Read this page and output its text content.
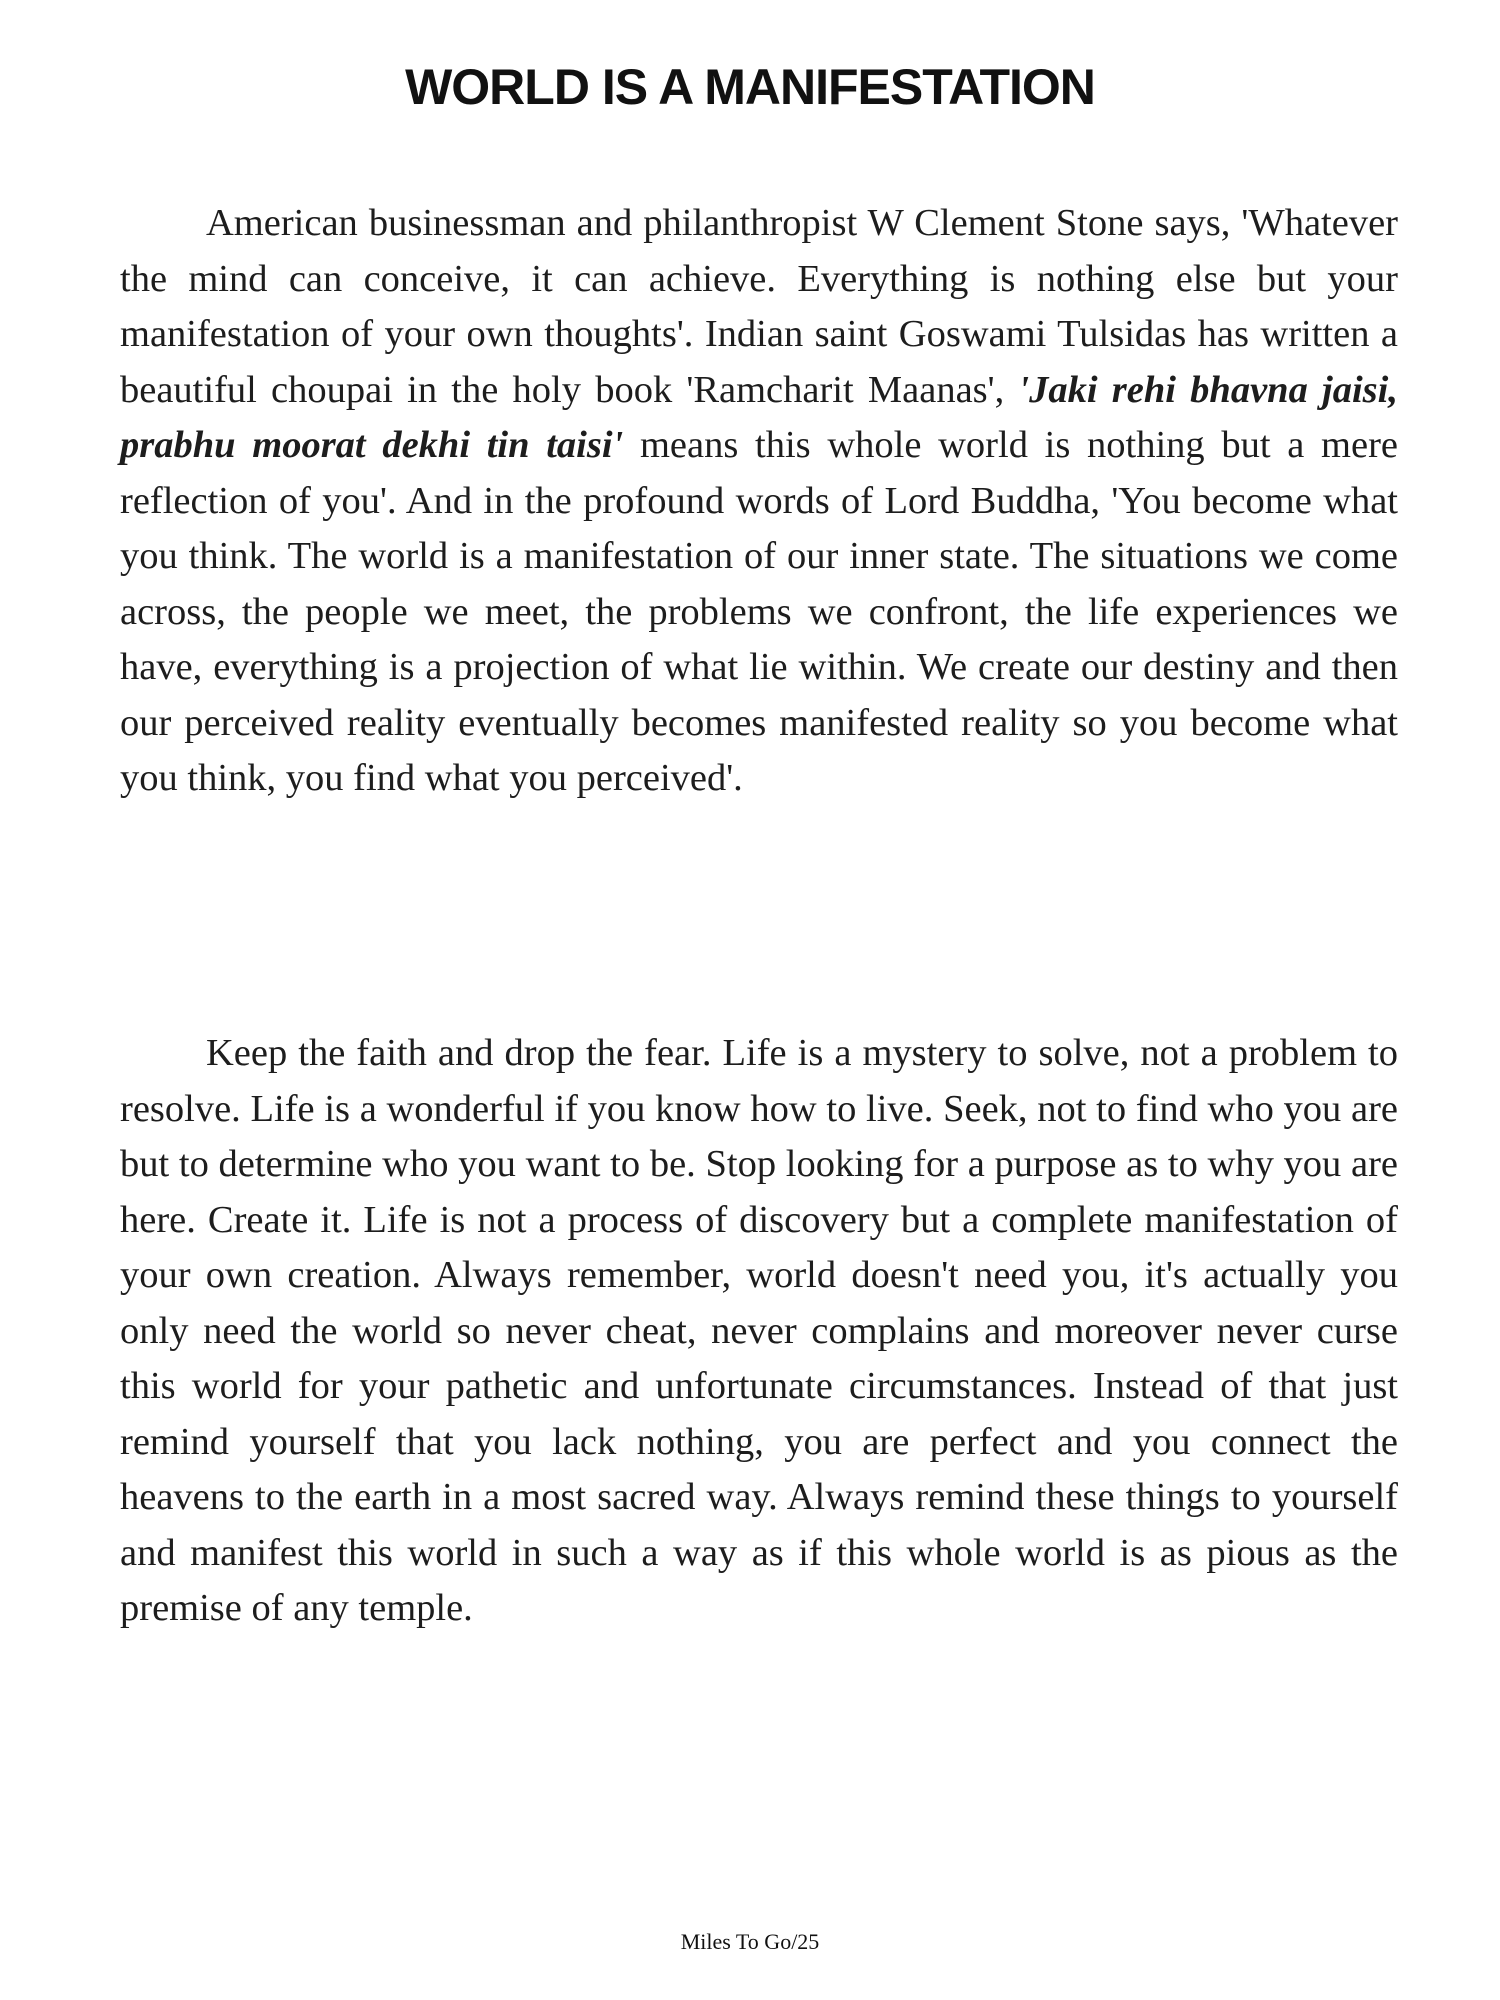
WORLD IS A MANIFESTATION

American businessman and philanthropist W Clement Stone says, 'Whatever the mind can conceive, it can achieve. Everything is nothing else but your manifestation of your own thoughts'. Indian saint Goswami Tulsidas has written a beautiful choupai in the holy book 'Ramcharit Maanas', 'Jaki rehi bhavna jaisi, prabhu moorat dekhi tin taisi' means this whole world is nothing but a mere reflection of you'. And in the profound words of Lord Buddha, 'You become what you think. The world is a manifestation of our inner state. The situations we come across, the people we meet, the problems we confront, the life experiences we have, everything is a projection of what lie within. We create our destiny and then our perceived reality eventually becomes manifested reality so you become what you think, you find what you perceived'.

Keep the faith and drop the fear. Life is a mystery to solve, not a problem to resolve. Life is a wonderful if you know how to live. Seek, not to find who you are but to determine who you want to be. Stop looking for a purpose as to why you are here. Create it. Life is not a process of discovery but a complete manifestation of your own creation. Always remember, world doesn't need you, it's actually you only need the world so never cheat, never complains and moreover never curse this world for your pathetic and unfortunate circumstances. Instead of that just remind yourself that you lack nothing, you are perfect and you connect the heavens to the earth in a most sacred way. Always remind these things to yourself and manifest this world in such a way as if this whole world is as pious as the premise of any temple.

Miles To Go/25
